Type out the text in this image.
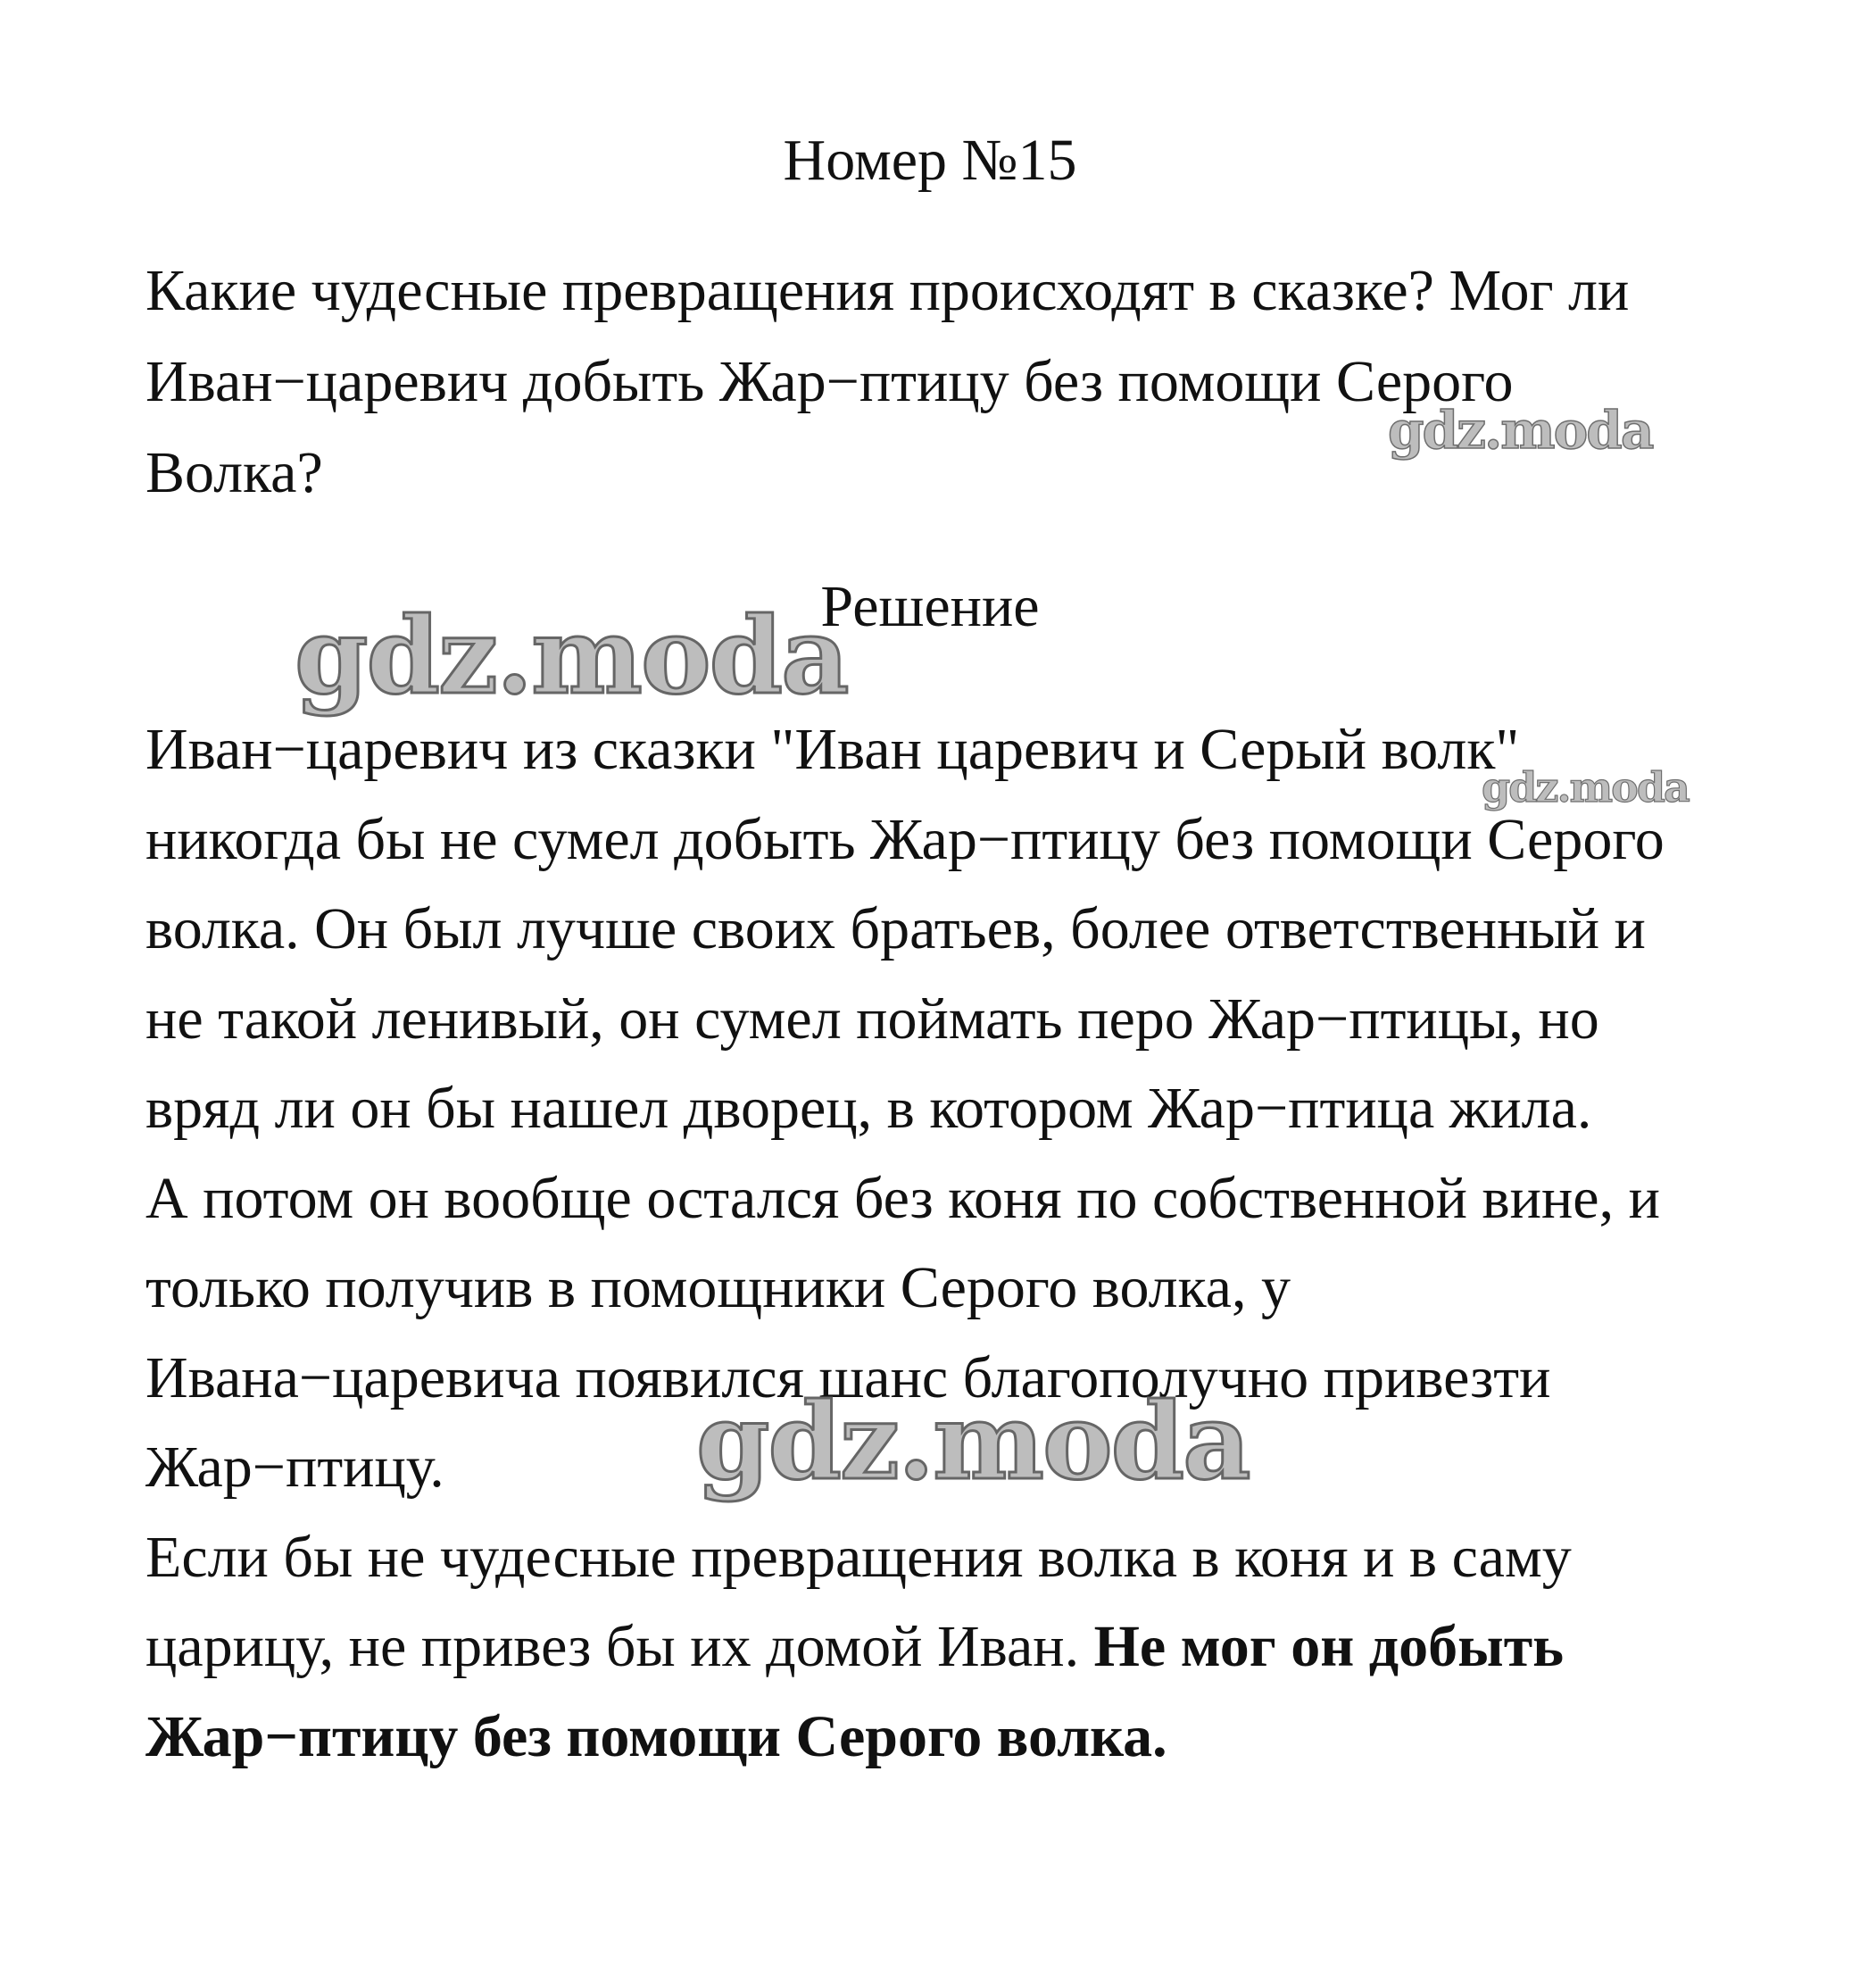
Номер №15
Какие чудесные превращения происходят в сказке? Мог ли
Иван−царевич добыть Жар−птицу без помощи Серого
Волка?
gdz.moda
Решение
gdz.moda
Иван−царевич из сказки "Иван царевич и Серый волк"
никогда бы не сумел добыть Жар−птицу без помощи Серого
волка. Он был лучше своих братьев, более ответственный и
не такой ленивый, он сумел поймать перо Жар−птицы, но
вряд ли он бы нашел дворец, в котором Жар−птица жила.
А потом он вообще остался без коня по собственной вине, и
только получив в помощники Серого волка, у
Ивана−царевича появился шанс благополучно привезти
Жар−птицу.
Если бы не чудесные превращения волка в коня и в саму
царицу, не привез бы их домой Иван. Не мог он добыть
Жар−птицу без помощи Серого волка.
gdz.moda
gdz.moda
